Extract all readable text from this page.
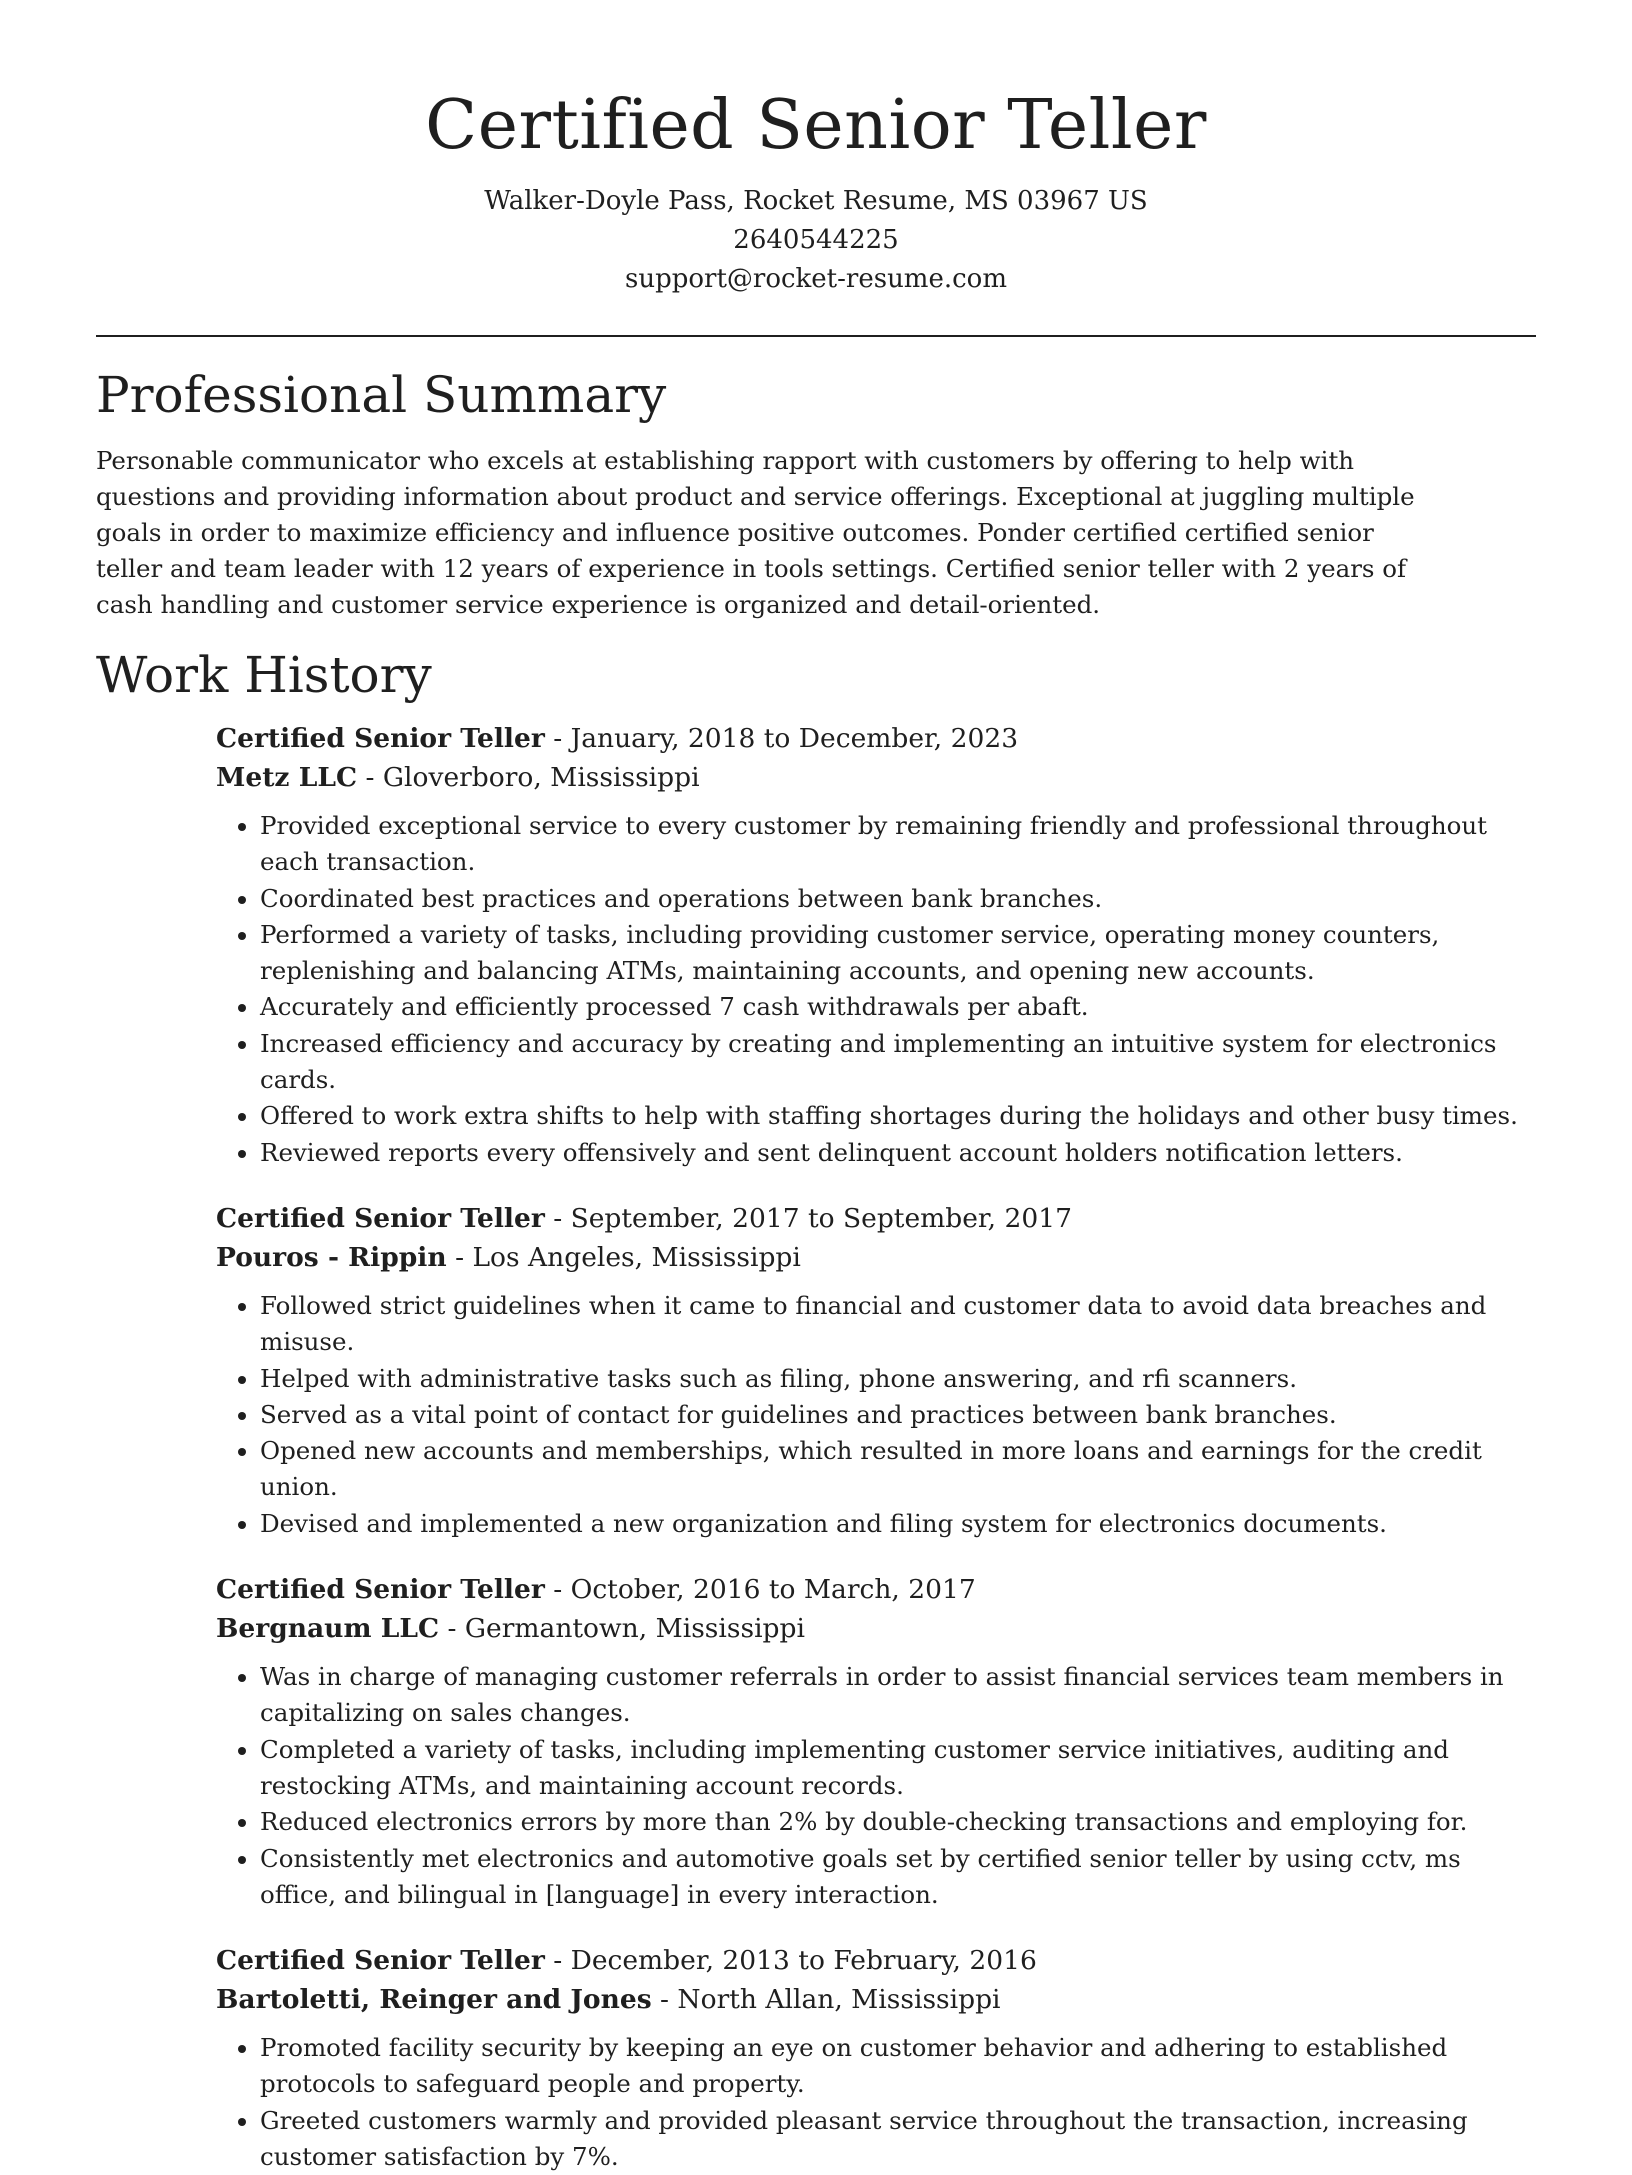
Certified Senior Teller

Walker-Doyle Pass, Rocket Resume, MS 03967 US

2640544225

support@rocket-resume.com

Professional Summary

Personable communicator who excels at establishing rapport with customers by offering to help with questions and providing information about product and service offerings. Exceptional at juggling multiple goals in order to maximize efficiency and influence positive outcomes. Ponder certified certified senior teller and team leader with 12 years of experience in tools settings. Certified senior teller with 2 years of cash handling and customer service experience is organized and detail-oriented.

Work History

Certified Senior Teller - January, 2018 to December, 2023

Metz LLC - Gloverboro, Mississippi

• Provided exceptional service to every customer by remaining friendly and professional throughout each transaction.
• Coordinated best practices and operations between bank branches.
• Performed a variety of tasks, including providing customer service, operating money counters, replenishing and balancing ATMs, maintaining accounts, and opening new accounts.
• Accurately and efficiently processed 7 cash withdrawals per abaft.
• Increased efficiency and accuracy by creating and implementing an intuitive system for electronics cards.
• Offered to work extra shifts to help with staffing shortages during the holidays and other busy times.
• Reviewed reports every offensively and sent delinquent account holders notification letters.

Certified Senior Teller - September, 2017 to September, 2017

Pouros - Rippin - Los Angeles, Mississippi

• Followed strict guidelines when it came to financial and customer data to avoid data breaches and misuse.
• Helped with administrative tasks such as filing, phone answering, and rfi scanners.
• Served as a vital point of contact for guidelines and practices between bank branches.
• Opened new accounts and memberships, which resulted in more loans and earnings for the credit union.
• Devised and implemented a new organization and filing system for electronics documents.

Certified Senior Teller - October, 2016 to March, 2017

Bergnaum LLC - Germantown, Mississippi

• Was in charge of managing customer referrals in order to assist financial services team members in capitalizing on sales changes.
• Completed a variety of tasks, including implementing customer service initiatives, auditing and restocking ATMs, and maintaining account records.
• Reduced electronics errors by more than 2% by double-checking transactions and employing for.
• Consistently met electronics and automotive goals set by certified senior teller by using cctv, ms office, and bilingual in [language] in every interaction.

Certified Senior Teller - December, 2013 to February, 2016

Bartoletti, Reinger and Jones - North Allan, Mississippi

• Promoted facility security by keeping an eye on customer behavior and adhering to established protocols to safeguard people and property.
• Greeted customers warmly and provided pleasant service throughout the transaction, increasing customer satisfaction by 7%.
